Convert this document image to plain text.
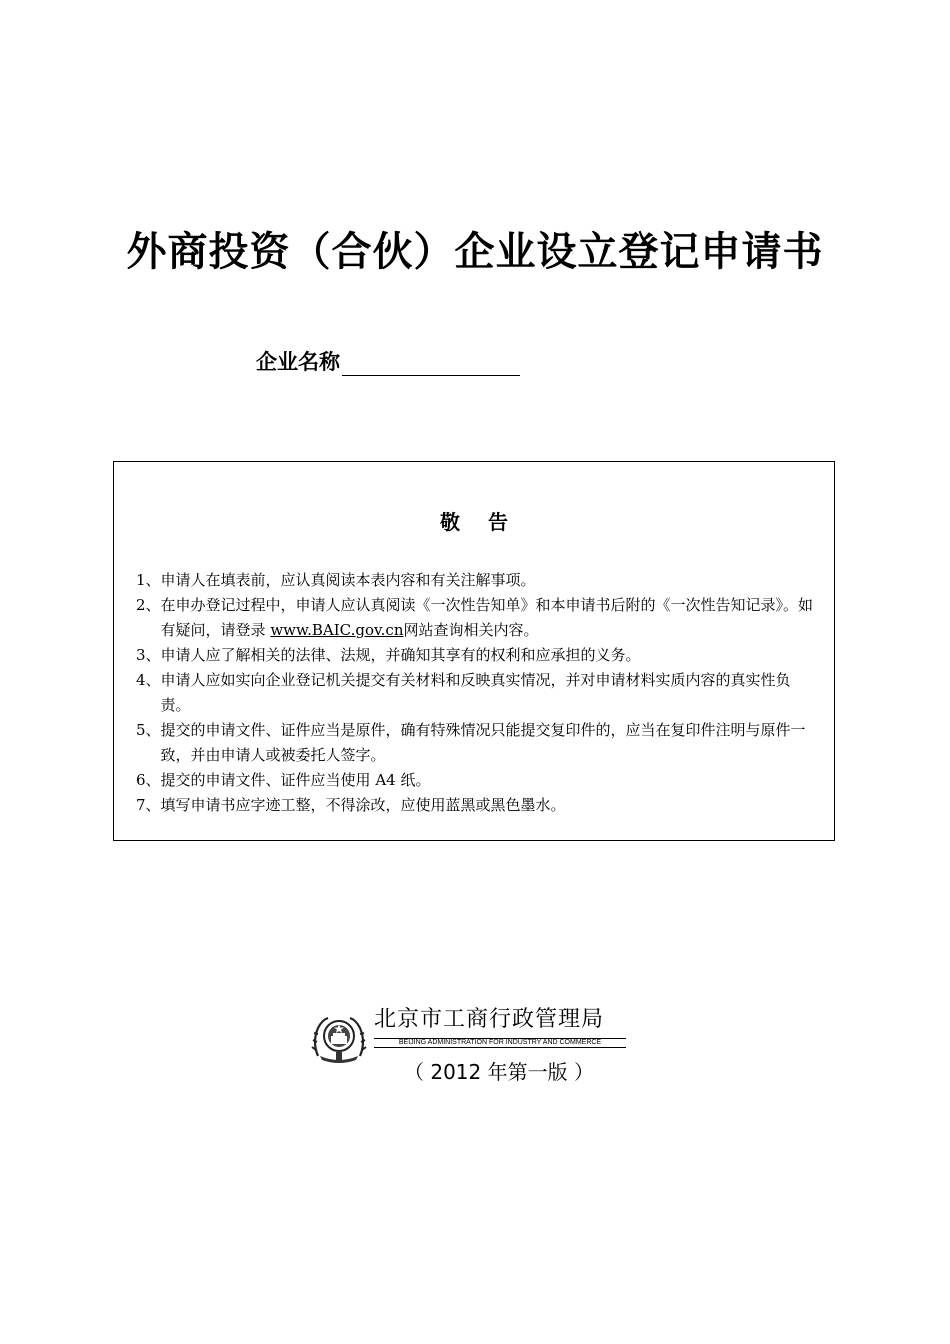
外商投资（合伙）企业设立登记申请书
企业名称
敬告
1、 申请人在填表前，应认真阅读本表内容和有关注解事项。
2、 在申办登记过程中，申请人应认真阅读《一次性告知单》和本申请书后附的《一次性告知记录》。如有疑问，请登录 www.BAIC.gov.cn网站查询相关内容。
3、 申请人应了解相关的法律、法规，并确知其享有的权利和应承担的义务。
4、 申请人应如实向企业登记机关提交有关材料和反映真实情况，并对申请材料实质内容的真实性负责。
5、 提交的申请文件、证件应当是原件，确有特殊情况只能提交复印件的，应当在复印件注明与原件一致，并由申请人或被委托人签字。
6、 提交的申请文件、证件应当使用 A4 纸。
7、 填写申请书应字迹工整，不得涂改，应使用蓝黑或黑色墨水。
北京市工商行政管理局
BEIJING ADMINISTRATION FOR INDUSTRY AND COMMERCE
（ 2012 年第一版 ）
